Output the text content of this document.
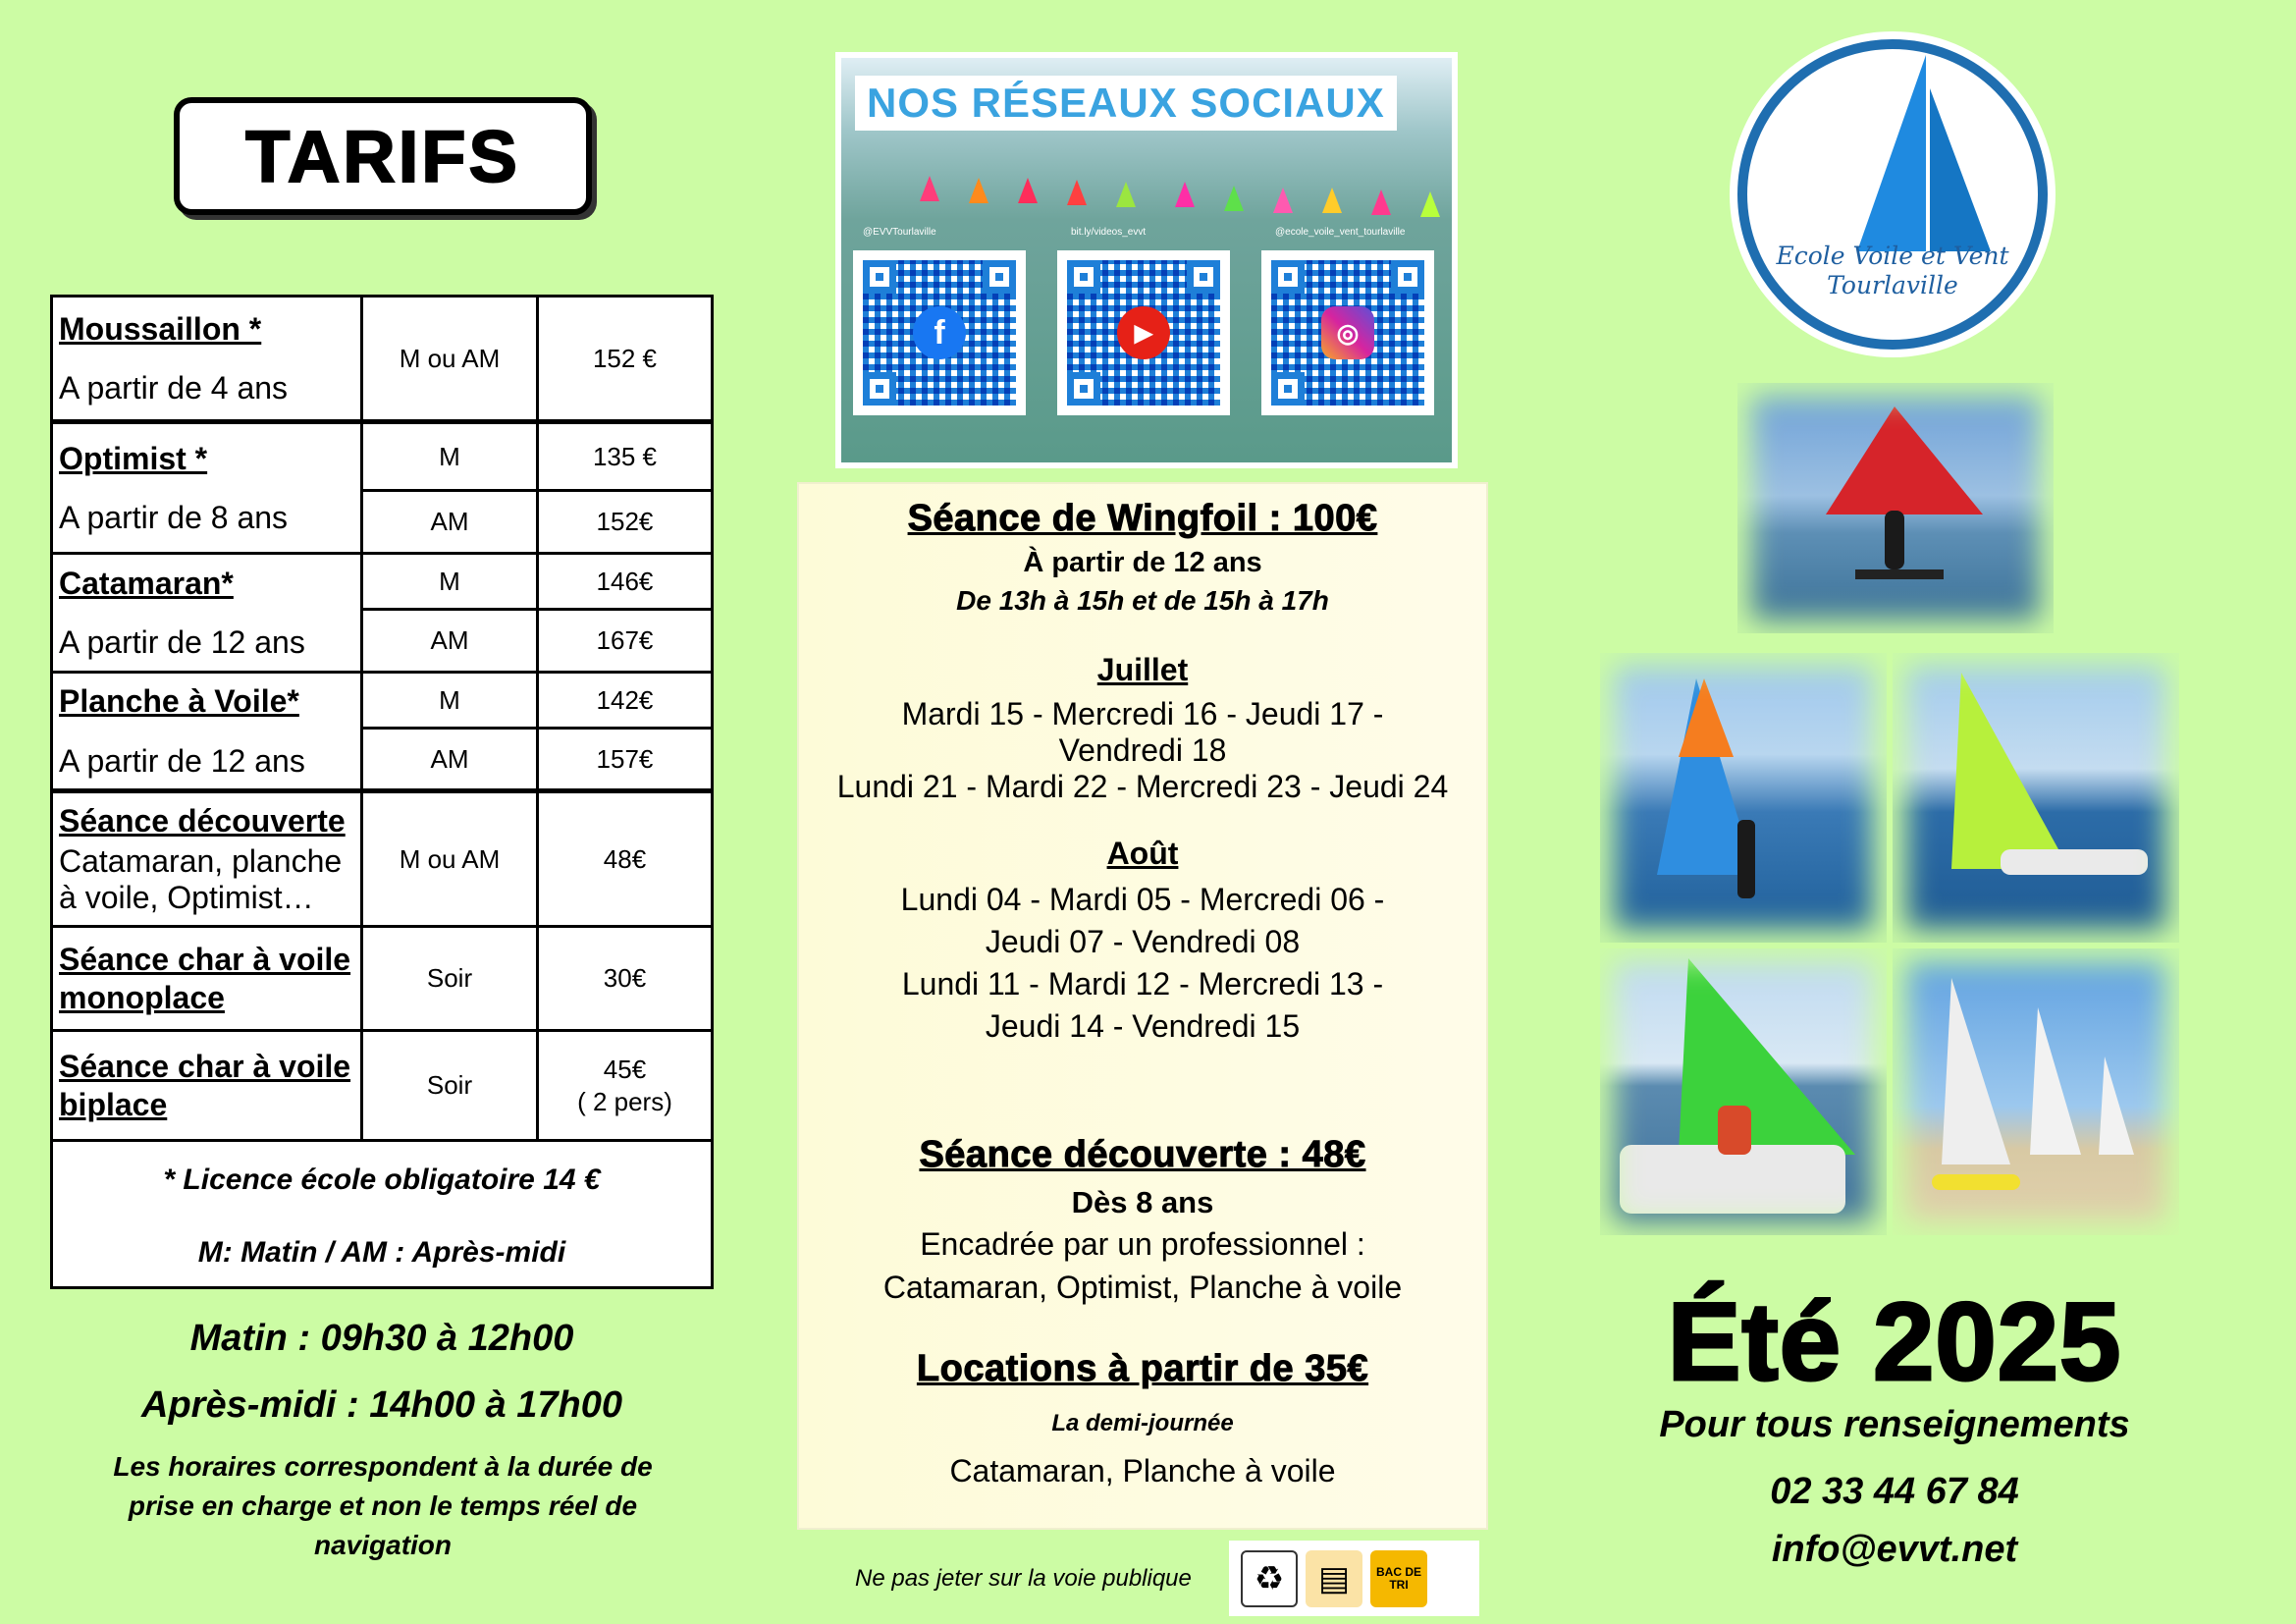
TARIFS
Moussaillon *
A partir de 4 ans	M ou AM	152 €

Optimist *
A partir de 8 ans	M	135 €
	AM	152€

Catamaran*
A partir de 12 ans	M	146€
	AM	167€

Planche à Voile*
A partir de 12 ans	M	142€
	AM	157€

Séance découverte
Catamaran, planche à voile, Optimist…	M ou AM	48€

Séance char à voile monoplace	Soir	30€

Séance char à voile biplace	Soir	45€
( 2 pers)

* Licence école obligatoire 14 €
M: Matin / AM : Après-midi		
Matin : 09h30 à 12h00
Après-midi : 14h00 à 17h00
Les horaires correspondent à la durée de prise en charge et non le temps réel de navigation
NOS RÉSEAUX SOCIAUX
@EVVTourlaville	bit.ly/videos_evvt	@ecole_voile_vent_tourlaville
f	▶	◎
Séance de Wingfoil : 100€
À partir de 12 ans
De 13h à 15h et de 15h à 17h
Juillet
Mardi 15 - Mercredi 16 - Jeudi 17 -
Vendredi 18
Lundi 21 - Mardi 22 - Mercredi 23 - Jeudi 24
Août
Lundi 04 - Mardi 05 - Mercredi 06 -
Jeudi 07 - Vendredi 08
Lundi 11 - Mardi 12 - Mercredi 13 -
Jeudi 14 - Vendredi 15
Séance découverte : 48€
Dès 8 ans
Encadrée par un professionnel :
Catamaran, Optimist, Planche à voile
Locations à partir de 35€
La demi-journée
Catamaran, Planche à voile
Ne pas jeter sur la voie publique	♻	▤	BAC DE TRI
Ecole Voile et Vent
Tourlaville
Été 2025
Pour tous renseignements
02 33 44 67 84
info@evvt.net
